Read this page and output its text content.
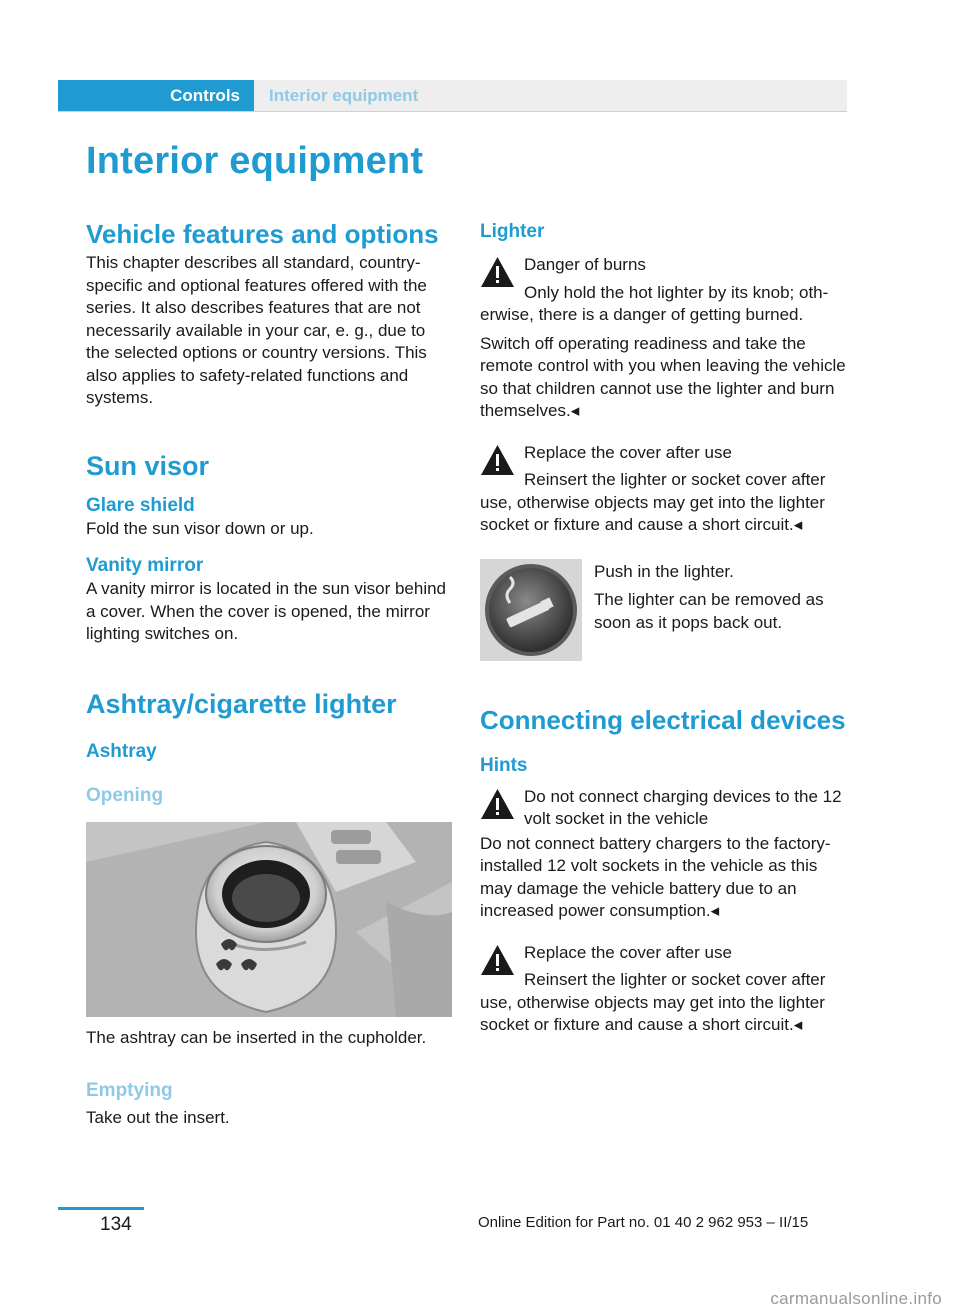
Controls Interior equipment
Interior equipment
Vehicle features and options

This chapter describes all standard, country-specific and optional features offered with the series. It also describes features that are not necessarily available in your car, e. g., due to the selected options or country versions. This also applies to safety-related functions and systems.

Sun visor
Glare shield

Fold the sun visor down or up.

Vanity mirror

A vanity mirror is located in the sun visor behind a cover. When the cover is opened, the mirror lighting switches on.

Ashtray/cigarette lighter
Ashtray
Opening

The ashtray can be inserted in the cupholder.

Emptying

Take out the insert.

Lighter

Danger of burns

Only hold the hot lighter by its knob; oth-

erwise, there is a danger of getting burned.

Switch off operating readiness and take the remote control with you when leaving the vehicle so that children cannot use the lighter and burn themselves.◂

Replace the cover after use

Reinsert the lighter or socket cover after

use, otherwise objects may get into the lighter socket or fixture and cause a short circuit.◂

Push in the lighter.

The lighter can be removed as soon as it pops back out.

Connecting electrical devices
Hints

Do not connect charging devices to the 12 volt socket in the vehicle

Do not connect battery chargers to the factory-installed 12 volt sockets in the vehicle as this may damage the vehicle battery due to an increased power consumption.◂

Replace the cover after use

Reinsert the lighter or socket cover after

use, otherwise objects may get into the lighter socket or fixture and cause a short circuit.◂

134	Online Edition for Part no. 01 40 2 962 953 – II/15
carmanualsonline.info
